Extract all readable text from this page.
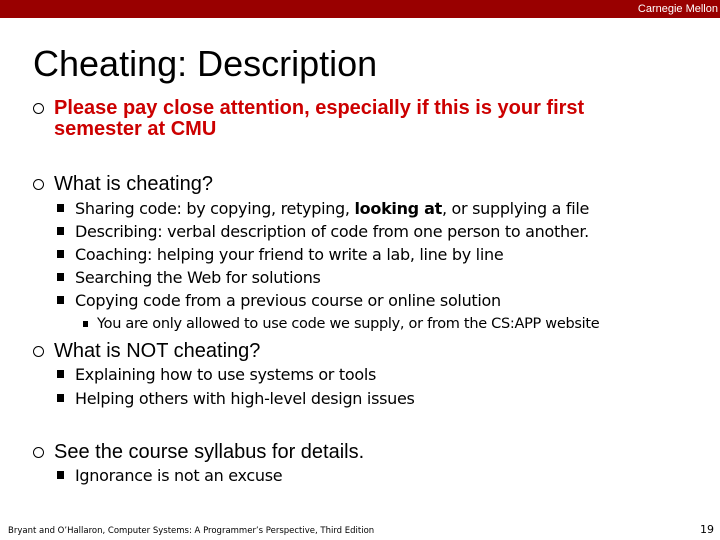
Carnegie Mellon
Cheating: Description
Please pay close attention, especially if this is your first
semester at CMU
What is cheating?
Sharing code: by copying, retyping, looking at, or supplying a file
Describing: verbal description of code from one person to another.
Coaching: helping your friend to write a lab, line by line
Searching the Web for solutions
Copying code from a previous course or online solution
You are only allowed to use code we supply, or from the CS:APP website
What is NOT cheating?
Explaining how to use systems or tools
Helping others with high-level design issues
See the course syllabus for details.
Ignorance is not an excuse
Bryant and O’Hallaron, Computer Systems: A Programmer’s Perspective, Third Edition	19
